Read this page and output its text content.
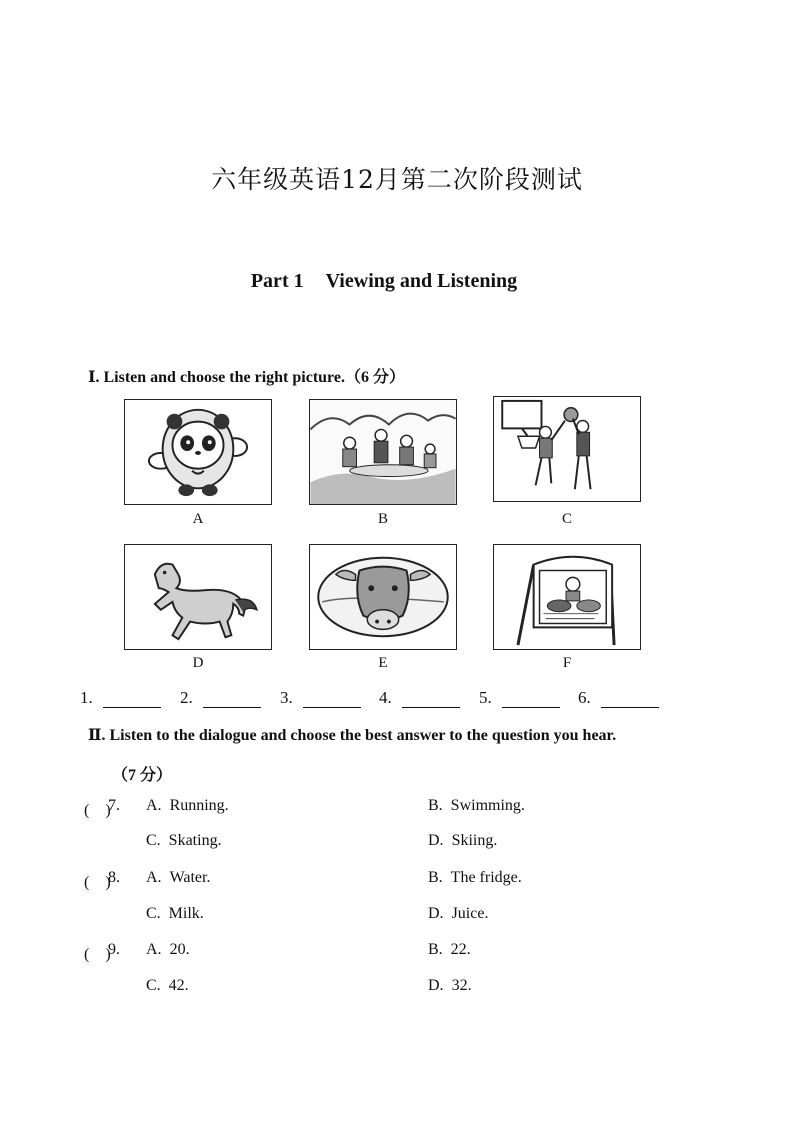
六年级英语12月第二次阶段测试
Part 1 Viewing and Listening
Ⅰ. Listen and choose the right picture.（6 分）
A	B	C
D	E	F
1.	2.	3.	4.	5.	6.
Ⅱ. Listen to the dialogue and choose the best answer to the question you hear.
（7 分）
(　)
7. A. Running.	B. Swimming.
C. Skating.	D. Skiing.
(　)
8. A. Water.	B. The fridge.
C. Milk.	D. Juice.
(　)
9. A. 20.	B. 22.
C. 42.	D. 32.
